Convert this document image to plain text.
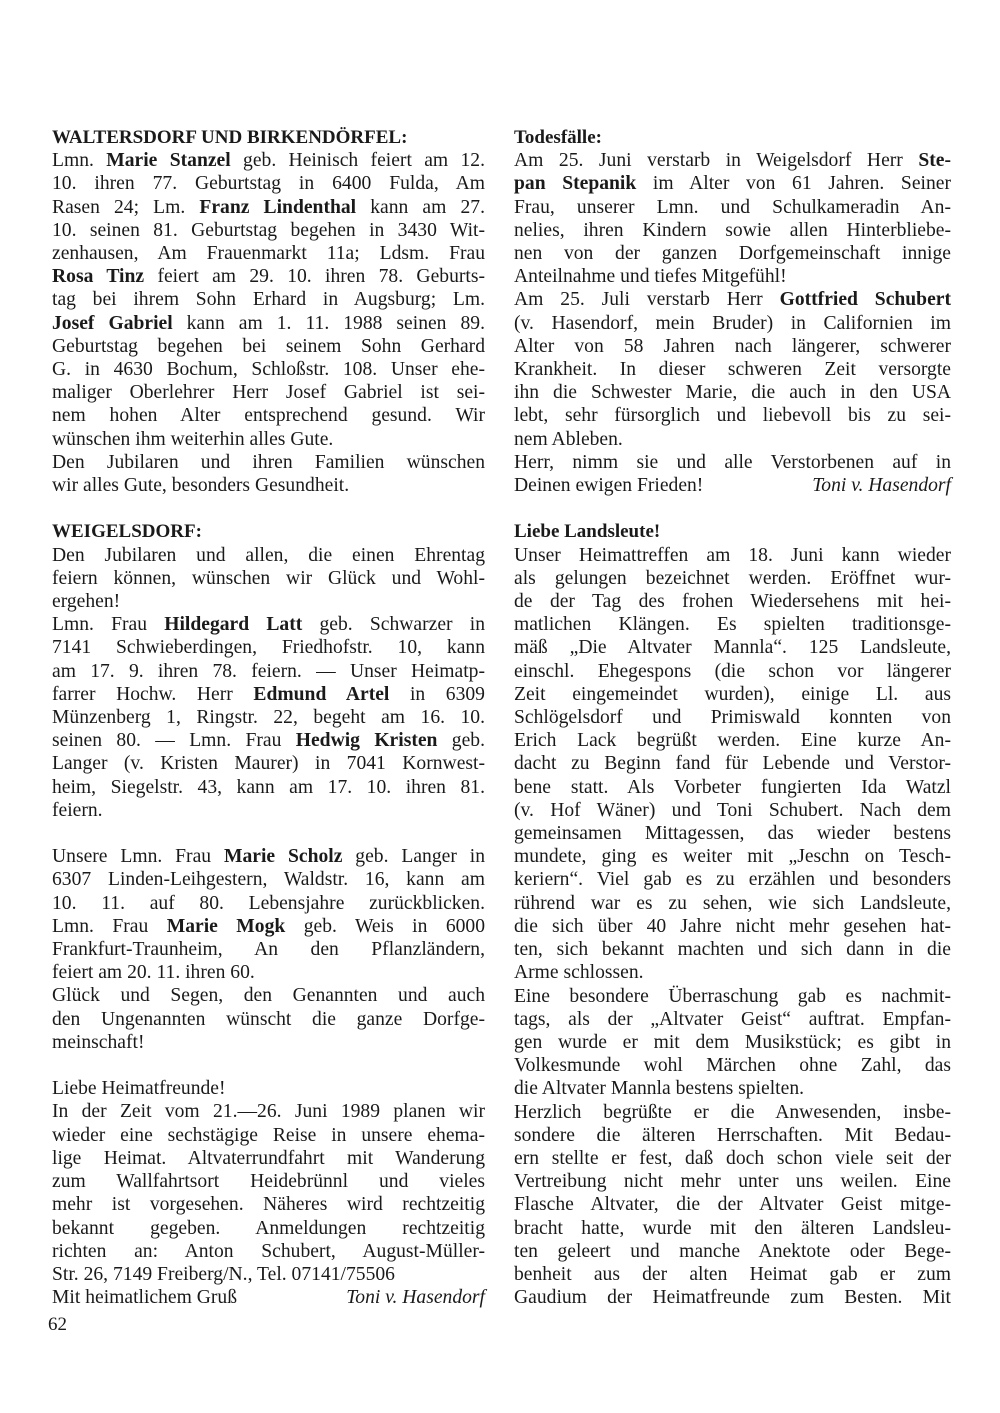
WALTERSDORF UND BIRKENDÖRFEL:
Lmn. Marie Stanzel geb. Heinisch feiert am 12.
10. ihren 77. Geburtstag in 6400 Fulda, Am
Rasen 24; Lm. Franz Lindenthal kann am 27.
10. seinen 81. Geburtstag begehen in 3430 Wit-
zenhausen, Am Frauenmarkt 11a; Ldsm. Frau
Rosa Tinz feiert am 29. 10. ihren 78. Geburts-
tag bei ihrem Sohn Erhard in Augsburg; Lm.
Josef Gabriel kann am 1. 11. 1988 seinen 89.
Geburtstag begehen bei seinem Sohn Gerhard
G. in 4630 Bochum, Schloßstr. 108. Unser ehe-
maliger Oberlehrer Herr Josef Gabriel ist sei-
nem hohen Alter entsprechend gesund. Wir
wünschen ihm weiterhin alles Gute.
Den Jubilaren und ihren Familien wünschen
wir alles Gute, besonders Gesundheit.
WEIGELSDORF:
Den Jubilaren und allen, die einen Ehrentag
feiern können, wünschen wir Glück und Wohl-
ergehen!
Lmn. Frau Hildegard Latt geb. Schwarzer in
7141 Schwieberdingen, Friedhofstr. 10, kann
am 17. 9. ihren 78. feiern. — Unser Heimatp-
farrer Hochw. Herr Edmund Artel in 6309
Münzenberg 1, Ringstr. 22, begeht am 16. 10.
seinen 80. — Lmn. Frau Hedwig Kristen geb.
Langer (v. Kristen Maurer) in 7041 Kornwest-
heim, Siegelstr. 43, kann am 17. 10. ihren 81.
feiern.
Unsere Lmn. Frau Marie Scholz geb. Langer in
6307 Linden-Leihgestern, Waldstr. 16, kann am
10. 11. auf 80. Lebensjahre zurückblicken.
Lmn. Frau Marie Mogk geb. Weis in 6000
Frankfurt-Traunheim, An den Pflanzländern,
feiert am 20. 11. ihren 60.
Glück und Segen, den Genannten und auch
den Ungenannten wünscht die ganze Dorfge-
meinschaft!
Liebe Heimatfreunde!
In der Zeit vom 21.—26. Juni 1989 planen wir
wieder eine sechstägige Reise in unsere ehema-
lige Heimat. Altvaterrundfahrt mit Wanderung
zum Wallfahrtsort Heidebrünnl und vieles
mehr ist vorgesehen. Näheres wird rechtzeitig
bekannt gegeben. Anmeldungen rechtzeitig
richten an: Anton Schubert, August-Müller-
Str. 26, 7149 Freiberg/N., Tel. 07141/75506
Mit heimatlichem Gruß	Toni v. Hasendorf
Todesfälle:
Am 25. Juni verstarb in Weigelsdorf Herr Ste-
pan Stepanik im Alter von 61 Jahren. Seiner
Frau, unserer Lmn. und Schulkameradin An-
nelies, ihren Kindern sowie allen Hinterbliebe-
nen von der ganzen Dorfgemeinschaft innige
Anteilnahme und tiefes Mitgefühl!
Am 25. Juli verstarb Herr Gottfried Schubert
(v. Hasendorf, mein Bruder) in Californien im
Alter von 58 Jahren nach längerer, schwerer
Krankheit. In dieser schweren Zeit versorgte
ihn die Schwester Marie, die auch in den USA
lebt, sehr fürsorglich und liebevoll bis zu sei-
nem Ableben.
Herr, nimm sie und alle Verstorbenen auf in
Deinen ewigen Frieden!	Toni v. Hasendorf
Liebe Landsleute!
Unser Heimattreffen am 18. Juni kann wieder
als gelungen bezeichnet werden. Eröffnet wur-
de der Tag des frohen Wiedersehens mit hei-
matlichen Klängen. Es spielten traditionsge-
mäß „Die Altvater Mannla“. 125 Landsleute,
einschl. Ehegespons (die schon vor längerer
Zeit eingemeindet wurden), einige Ll. aus
Schlögelsdorf und Primiswald konnten von
Erich Lack begrüßt werden. Eine kurze An-
dacht zu Beginn fand für Lebende und Verstor-
bene statt. Als Vorbeter fungierten Ida Watzl
(v. Hof Wäner) und Toni Schubert. Nach dem
gemeinsamen Mittagessen, das wieder bestens
mundete, ging es weiter mit „Jeschn on Tesch-
keriern“. Viel gab es zu erzählen und besonders
rührend war es zu sehen, wie sich Landsleute,
die sich über 40 Jahre nicht mehr gesehen hat-
ten, sich bekannt machten und sich dann in die
Arme schlossen.
Eine besondere Überraschung gab es nachmit-
tags, als der „Altvater Geist“ auftrat. Empfan-
gen wurde er mit dem Musikstück; es gibt in
Volkesmunde wohl Märchen ohne Zahl, das
die Altvater Mannla bestens spielten.
Herzlich begrüßte er die Anwesenden, insbe-
sondere die älteren Herrschaften. Mit Bedau-
ern stellte er fest, daß doch schon viele seit der
Vertreibung nicht mehr unter uns weilen. Eine
Flasche Altvater, die der Altvater Geist mitge-
bracht hatte, wurde mit den älteren Landsleu-
ten geleert und manche Anektote oder Bege-
benheit aus der alten Heimat gab er zum
Gaudium der Heimatfreunde zum Besten. Mit
62
